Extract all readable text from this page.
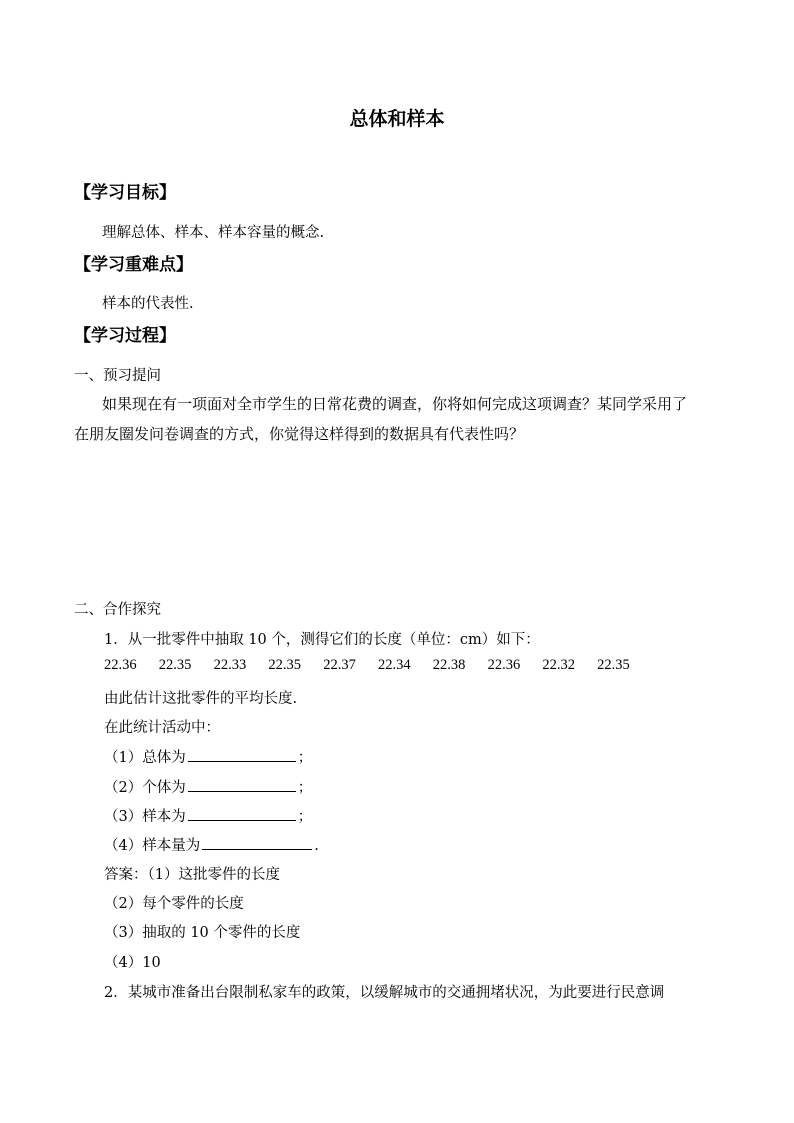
总体和样本
【学习目标】
理解总体、样本、样本容量的概念.
【学习重难点】
样本的代表性.
【学习过程】
一、预习提问
如果现在有一项面对全市学生的日常花费的调查，你将如何完成这项调查？某同学采用了
在朋友圈发问卷调查的方式，你觉得这样得到的数据具有代表性吗？
二、合作探究
1．从一批零件中抽取 10 个，测得它们的长度（单位：cm）如下：
22.36 22.35 22.33 22.35 22.37 22.34 22.38 22.36 22.32 22.35
由此估计这批零件的平均长度.
在此统计活动中：
（1）总体为	；
（2）个体为	；
（3）样本为	；
（4）样本量为	.
答案：（1）这批零件的长度
（2）每个零件的长度
（3）抽取的 10 个零件的长度
（4）10
2．某城市准备出台限制私家车的政策，以缓解城市的交通拥堵状况，为此要进行民意调
